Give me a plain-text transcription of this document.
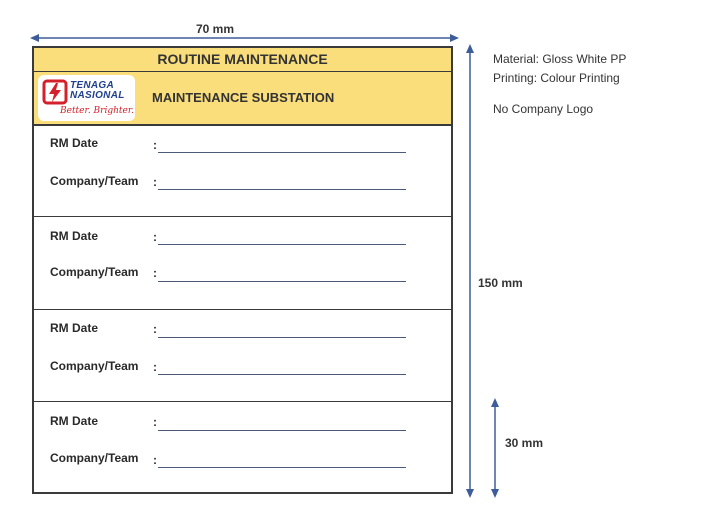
70 mm
150 mm
30 mm
Material: Gloss White PP
Printing: Colour Printing
No Company Logo
ROUTINE MAINTENANCE
TENAGA
NASIONAL
Better. Brighter.
MAINTENANCE SUBSTATION
RM Date	:
Company/Team :
RM Date	:
Company/Team :
RM Date	:
Company/Team :
RM Date	:
Company/Team :
